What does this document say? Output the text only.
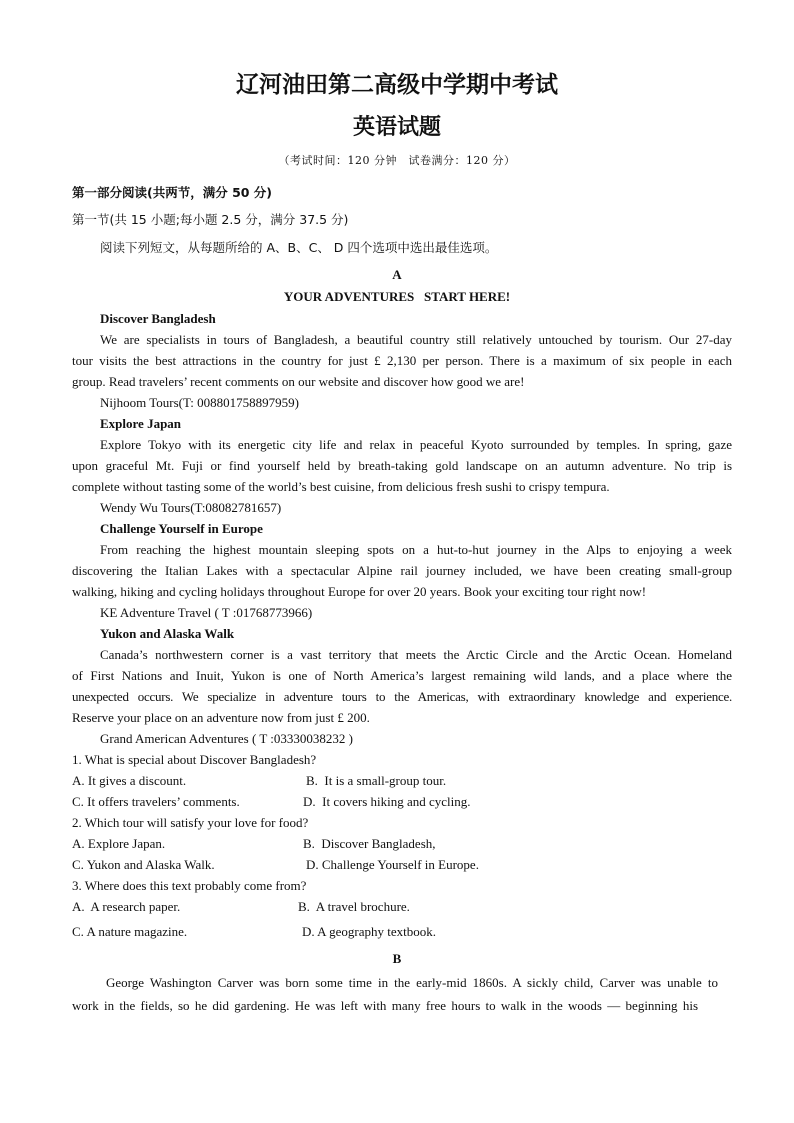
辽河油田第二高级中学期中考试
英语试题
（考试时间：120 分钟　试卷满分：120 分）
第一部分阅读(共两节，满分 50 分)
第一节(共 15 小题;每小题 2.5 分，满分 37.5 分)
阅读下列短文，从每题所给的 A、B、C、 D 四个选项中选出最佳选项。
A
YOUR ADVENTURES   START HERE!
Discover Bangladesh
We are specialists in tours of Bangladesh, a beautiful country still relatively untouched by tourism. Our 27-day
tour visits the best attractions in the country for just £ 2,130 per person. There is a maximum of six people in each
group. Read travelers’ recent comments on our website and discover how good we are!
Nijhoom Tours(T: 008801758897959)
Explore Japan
Explore Tokyo with its energetic city life and relax in peaceful Kyoto surrounded by temples. In spring, gaze
upon graceful Mt. Fuji or find yourself held by breath-taking gold landscape on an autumn adventure. No trip is
complete without tasting some of the world’s best cuisine, from delicious fresh sushi to crispy tempura.
Wendy Wu Tours(T:08082781657)
Challenge Yourself in Europe
From reaching the highest mountain sleeping spots on a hut-to-hut journey in the Alps to enjoying a week
discovering the Italian Lakes with a spectacular Alpine rail journey included, we have been creating small-group
walking, hiking and cycling holidays throughout Europe for over 20 years. Book your exciting tour right now!
KE Adventure Travel ( T :01768773966)
Yukon and Alaska Walk
Canada’s northwestern corner is a vast territory that meets the Arctic Circle and the Arctic Ocean. Homeland
of First Nations and Inuit, Yukon is one of North America’s largest remaining wild lands, and a place where the
unexpected occurs. We specialize in adventure tours to the Americas, with extraordinary knowledge and experience.
Reserve your place on an adventure now from just £ 200.
Grand American Adventures ( T :03330038232 )
1. What is special about Discover Bangladesh?
A. It gives a discount.	B.  It is a small-group tour.
C. It offers travelers’ comments.	D.  It covers hiking and cycling.
2. Which tour will satisfy your love for food?
A. Explore Japan.	B.  Discover Bangladesh,
C. Yukon and Alaska Walk.	D. Challenge Yourself in Europe.
3. Where does this text probably come from?
A.  A research paper.	B.  A travel brochure.
C. A nature magazine.	D. A geography textbook.
B
George Washington Carver was born some time in the early-mid 1860s. A sickly child, Carver was unable to
work in the fields, so he did gardening. He was left with many free hours to walk in the woods — beginning his
